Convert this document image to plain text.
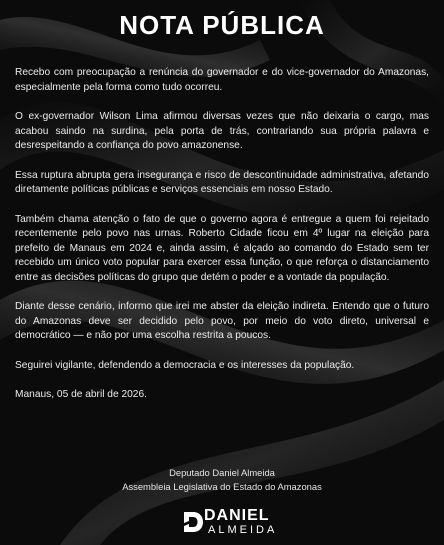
NOTA PÚBLICA

Recebo com preocupação a renúncia do governador e do vice-governador do Amazonas, especialmente pela forma como tudo ocorreu.

O ex-governador Wilson Lima afirmou diversas vezes que não deixaria o cargo, mas acabou saindo na surdina, pela porta de trás, contrariando sua própria palavra e desrespeitando a confiança do povo amazonense.

Essa ruptura abrupta gera insegurança e risco de descontinuidade administrativa, afetando diretamente políticas públicas e serviços essenciais em nosso Estado.

Também chama atenção o fato de que o governo agora é entregue a quem foi rejeitado recentemente pelo povo nas urnas. Roberto Cidade ficou em 4º lugar na eleição para prefeito de Manaus em 2024 e, ainda assim, é alçado ao comando do Estado sem ter recebido um único voto popular para exercer essa função, o que reforça o distanciamento entre as decisões políticas do grupo que detém o poder e a vontade da população.

Diante desse cenário, informo que irei me abster da eleição indireta. Entendo que o futuro do Amazonas deve ser decidido pelo povo, por meio do voto direto, universal e democrático — e não por uma escolha restrita a poucos.

Seguirei vigilante, defendendo a democracia e os interesses da população.

Manaus, 05 de abril de 2026.

Deputado Daniel Almeida
Assembleia Legislativa do Estado do Amazonas
DANIEL
ALMEIDA
